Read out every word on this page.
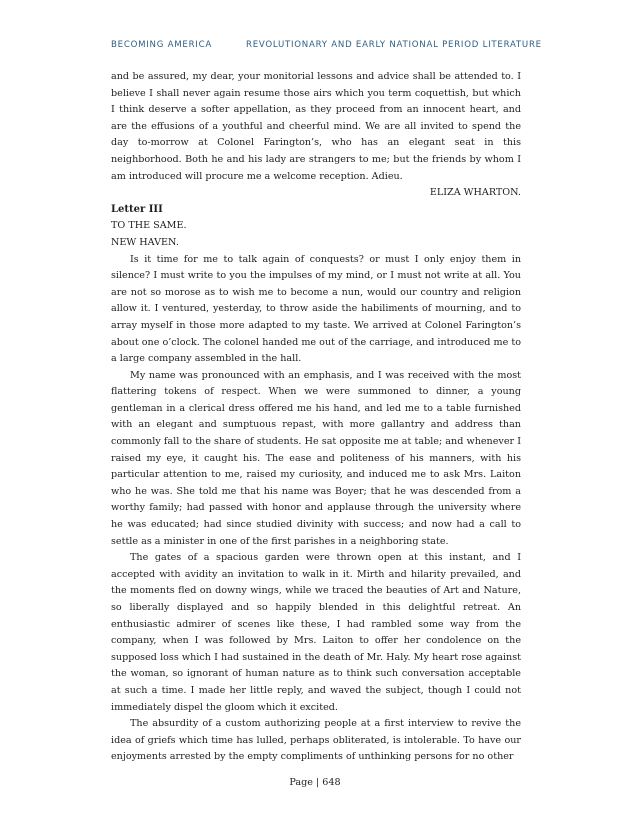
BECOMING AMERICA	REVOLUTIONARY AND EARLY NATIONAL PERIOD LITERATURE

and be assured, my dear, your monitorial lessons and advice shall be attended to. I believe I shall never again resume those airs which you term coquettish, but which I think deserve a softer appellation, as they proceed from an innocent heart, and are the effusions of a youthful and cheerful mind. We are all invited to spend the day to-morrow at Colonel Farington’s, who has an elegant seat in this neighborhood. Both he and his lady are strangers to me; but the friends by whom I am introduced will procure me a welcome reception. Adieu.

ELIZA WHARTON.

Letter III

TO THE SAME.

NEW HAVEN.

Is it time for me to talk again of conquests? or must I only enjoy them in silence? I must write to you the impulses of my mind, or I must not write at all. You are not so morose as to wish me to become a nun, would our country and religion allow it. I ventured, yesterday, to throw aside the habiliments of mourning, and to array myself in those more adapted to my taste. We arrived at Colonel Farington’s about one o’clock. The colonel handed me out of the carriage, and introduced me to a large company assembled in the hall.

My name was pronounced with an emphasis, and I was received with the most flattering tokens of respect. When we were summoned to dinner, a young gentleman in a clerical dress offered me his hand, and led me to a table furnished with an elegant and sumptuous repast, with more gallantry and address than commonly fall to the share of students. He sat opposite me at table; and whenever I raised my eye, it caught his. The ease and politeness of his manners, with his particular attention to me, raised my curiosity, and induced me to ask Mrs. Laiton who he was. She told me that his name was Boyer; that he was descended from a worthy family; had passed with honor and applause through the university where he was educated; had since studied divinity with success; and now had a call to settle as a minister in one of the first parishes in a neighboring state.

The gates of a spacious garden were thrown open at this instant, and I accepted with avidity an invitation to walk in it. Mirth and hilarity prevailed, and the moments fled on downy wings, while we traced the beauties of Art and Nature, so liberally displayed and so happily blended in this delightful retreat. An enthusiastic admirer of scenes like these, I had rambled some way from the company, when I was followed by Mrs. Laiton to offer her condolence on the supposed loss which I had sustained in the death of Mr. Haly. My heart rose against the woman, so ignorant of human nature as to think such conversation acceptable at such a time. I made her little reply, and waved the subject, though I could not immediately dispel the gloom which it excited.

The absurdity of a custom authorizing people at a first interview to revive the idea of griefs which time has lulled, perhaps obliterated, is intolerable. To have our enjoyments arrested by the empty compliments of unthinking persons for no other

Page | 648
